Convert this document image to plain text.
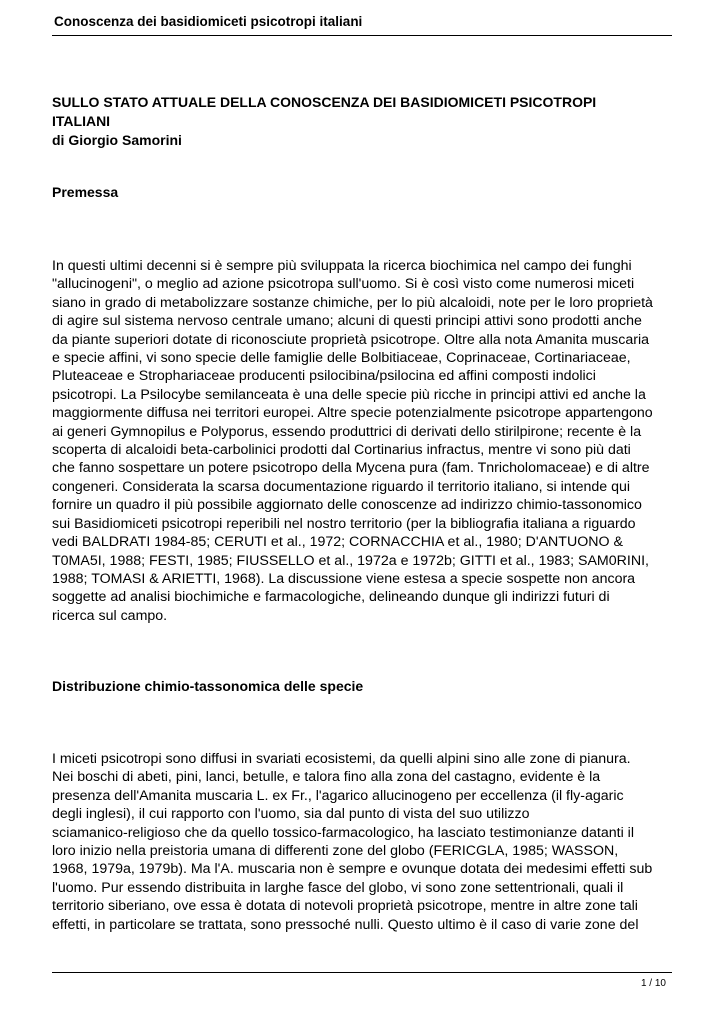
Conoscenza dei basidiomiceti psicotropi italiani
SULLO STATO ATTUALE DELLA CONOSCENZA DEI BASIDIOMICETI PSICOTROPI
ITALIANI
di Giorgio Samorini
Premessa

In questi ultimi decenni si è sempre più sviluppata la ricerca biochimica nel campo dei funghi
"allucinogeni", o meglio ad azione psicotropa sull'uomo. Si è così visto come numerosi miceti
siano in grado di metabolizzare sostanze chimiche, per lo più alcaloidi, note per le loro proprietà
di agire sul sistema nervoso centrale umano; alcuni di questi principi attivi sono prodotti anche
da piante superiori dotate di riconosciute proprietà psicotrope. Oltre alla nota Amanita muscaria
e specie affini, vi sono specie delle famiglie delle Bolbitiaceae, Coprinaceae, Cortinariaceae,
Pluteaceae e Strophariaceae producenti psilocibina/psilocina ed affini composti indolici
psicotropi. La Psilocybe semilanceata è una delle specie più ricche in principi attivi ed anche la
maggiormente diffusa nei territori europei. Altre specie potenzialmente psicotrope appartengono
ai generi Gymnopilus e Polyporus, essendo produttrici di derivati dello stirilpirone; recente è la
scoperta di alcaloidi beta-carbolinici prodotti dal Cortinarius infractus, mentre vi sono più dati
che fanno sospettare un potere psicotropo della Mycena pura (fam. Tnricholomaceae) e di altre
congeneri. Considerata la scarsa documentazione riguardo il territorio italiano, si intende qui
fornire un quadro il più possibile aggiornato delle conoscenze ad indirizzo chimio-tassonomico
sui Basidiomiceti psicotropi reperibili nel nostro territorio (per la bibliografia italiana a riguardo
vedi BALDRATI 1984-85; CERUTI et al., 1972; CORNACCHIA et al., 1980; D'ANTUONO &
T0MA5I, 1988; FESTI, 1985; FIUSSELLO et al., 1972a e 1972b; GITTI et al., 1983; SAM0RINI,
1988; TOMASI & ARIETTI, 1968). La discussione viene estesa a specie sospette non ancora
soggette ad analisi biochimiche e farmacologiche, delineando dunque gli indirizzi futuri di
ricerca sul campo.

Distribuzione chimio-tassonomica delle specie

I miceti psicotropi sono diffusi in svariati ecosistemi, da quelli alpini sino alle zone di pianura.
Nei boschi di abeti, pini, lanci, betulle, e talora fino alla zona del castagno, evidente è la
presenza dell'Amanita muscaria L. ex Fr., l'agarico allucinogeno per eccellenza (il fly-agaric
degli inglesi), il cui rapporto con l'uomo, sia dal punto di vista del suo utilizzo
sciamanico-religioso che da quello tossico-farmacologico, ha lasciato testimonianze datanti il
loro inizio nella preistoria umana di differenti zone del globo (FERICGLA, 1985; WASSON,
1968, 1979a, 1979b). Ma l'A. muscaria non è sempre e ovunque dotata dei medesimi effetti sub
l'uomo. Pur essendo distribuita in larghe fasce del globo, vi sono zone settentrionali, quali il
territorio siberiano, ove essa è dotata di notevoli proprietà psicotrope, mentre in altre zone tali
effetti, in particolare se trattata, sono pressoché nulli. Questo ultimo è il caso di varie zone del

1 / 10
